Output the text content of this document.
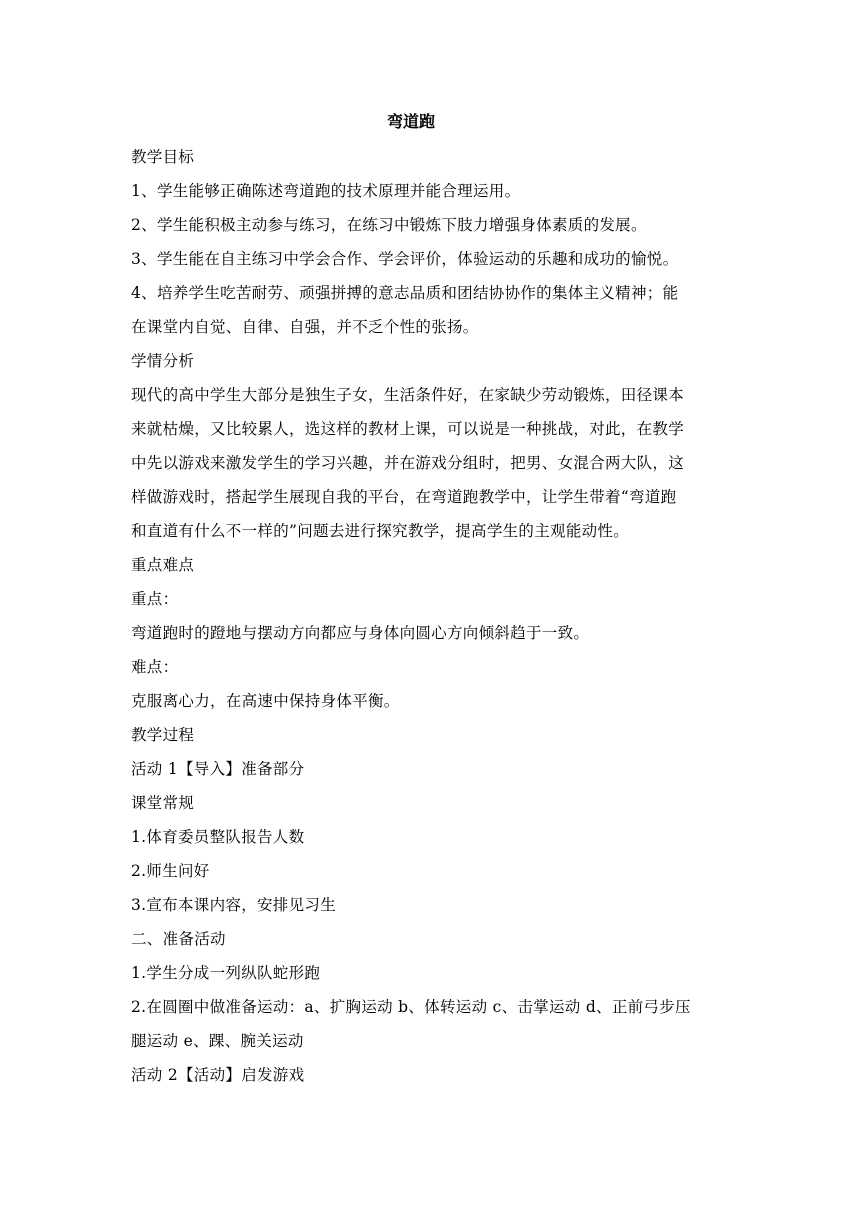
弯道跑
教学目标
1、学生能够正确陈述弯道跑的技术原理并能合理运用。
2、学生能积极主动参与练习，在练习中锻炼下肢力增强身体素质的发展。
3、学生能在自主练习中学会合作、学会评价，体验运动的乐趣和成功的愉悦。
4、培养学生吃苦耐劳、顽强拼搏的意志品质和团结协协作的集体主义精神；能
在课堂内自觉、自律、自强，并不乏个性的张扬。
学情分析
现代的高中学生大部分是独生子女，生活条件好，在家缺少劳动锻炼，田径课本
来就枯燥，又比较累人，选这样的教材上课，可以说是一种挑战，对此，在教学
中先以游戏来激发学生的学习兴趣，并在游戏分组时，把男、女混合两大队，这
样做游戏时，搭起学生展现自我的平台，在弯道跑教学中，让学生带着“弯道跑
和直道有什么不一样的”问题去进行探究教学，提高学生的主观能动性。
重点难点
重点：
弯道跑时的蹬地与摆动方向都应与身体向圆心方向倾斜趋于一致。
难点：
克服离心力，在高速中保持身体平衡。
教学过程
活动 1【导入】准备部分
课堂常规
1.体育委员整队报告人数
2.师生问好
3.宣布本课内容，安排见习生
二、准备活动
1.学生分成一列纵队蛇形跑
2.在圆圈中做准备运动：a、扩胸运动 b、体转运动 c、击掌运动 d、正前弓步压
腿运动 e、踝、腕关运动
活动 2【活动】启发游戏
